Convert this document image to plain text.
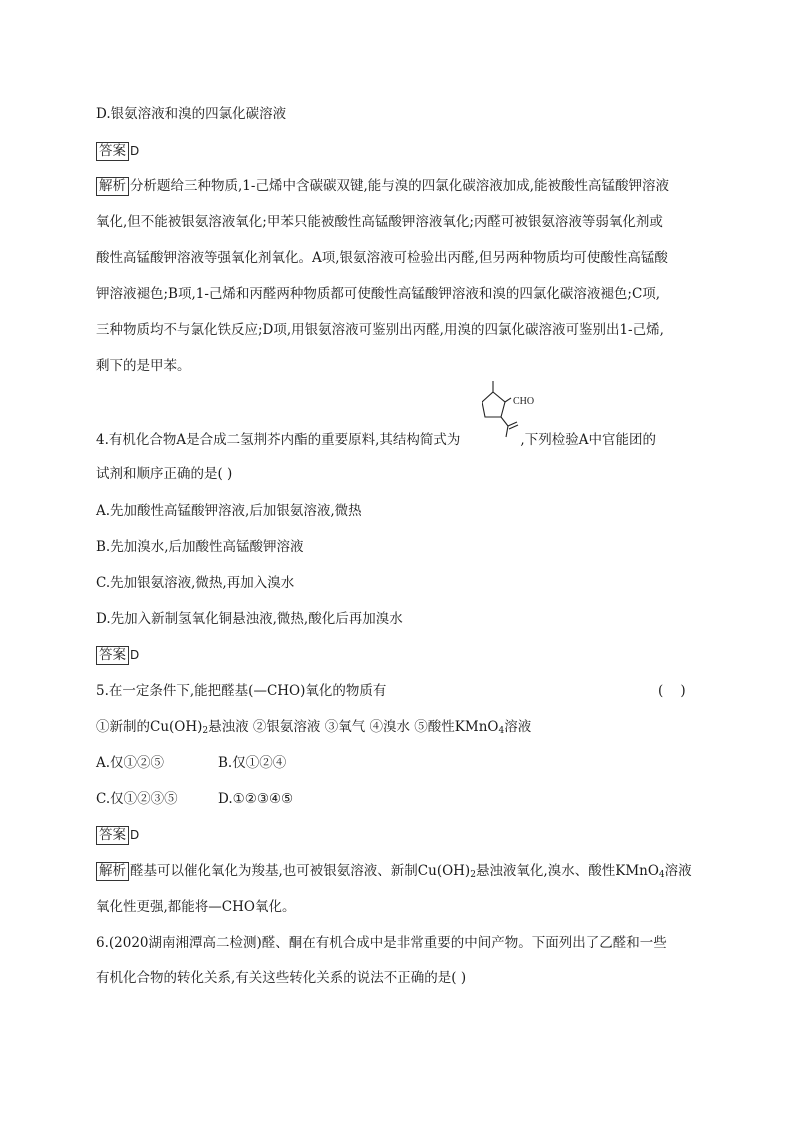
D.银氨溶液和溴的四氯化碳溶液
答案 D
解析 分析题给三种物质,1-己烯中含碳碳双键,能与溴的四氯化碳溶液加成,能被酸性高锰酸钾溶液
氧化,但不能被银氨溶液氧化;甲苯只能被酸性高锰酸钾溶液氧化;丙醛可被银氨溶液等弱氧化剂或
酸性高锰酸钾溶液等强氧化剂氧化。A项,银氨溶液可检验出丙醛,但另两种物质均可使酸性高锰酸
钾溶液褪色;B项,1-己烯和丙醛两种物质都可使酸性高锰酸钾溶液和溴的四氯化碳溶液褪色;C项,
三种物质均不与氯化铁反应;D项,用银氨溶液可鉴别出丙醛,用溴的四氯化碳溶液可鉴别出1-己烯,
剩下的是甲苯。
4.有机化合物A是合成二氢荆芥内酯的重要原料,其结构简式为	,下列检验A中官能团的
CHO
试剂和顺序正确的是( )
A.先加酸性高锰酸钾溶液,后加银氨溶液,微热
B.先加溴水,后加酸性高锰酸钾溶液
C.先加银氨溶液,微热,再加入溴水
D.先加入新制氢氧化铜悬浊液,微热,酸化后再加溴水
答案 D
5.在一定条件下,能把醛基(—CHO)氧化的物质有	(    )
①新制的$Cu(OH)_2$悬浊液 ②银氨溶液 ③氧气 ④溴水 ⑤酸性KMnO$_4$溶液
A.仅①②⑤	B.仅①②④
C.仅①②③⑤	D.①②③④⑤
答案 D
解析 醛基可以催化氧化为羧基,也可被银氨溶液、新制$Cu(OH)_2$悬浊液氧化,溴水、酸性KMnO$_4$溶液
氧化性更强,都能将—CHO氧化。
6.(2020湖南湘潭高二检测)醛、酮在有机合成中是非常重要的中间产物。下面列出了乙醛和一些
有机化合物的转化关系,有关这些转化关系的说法不正确的是( )
